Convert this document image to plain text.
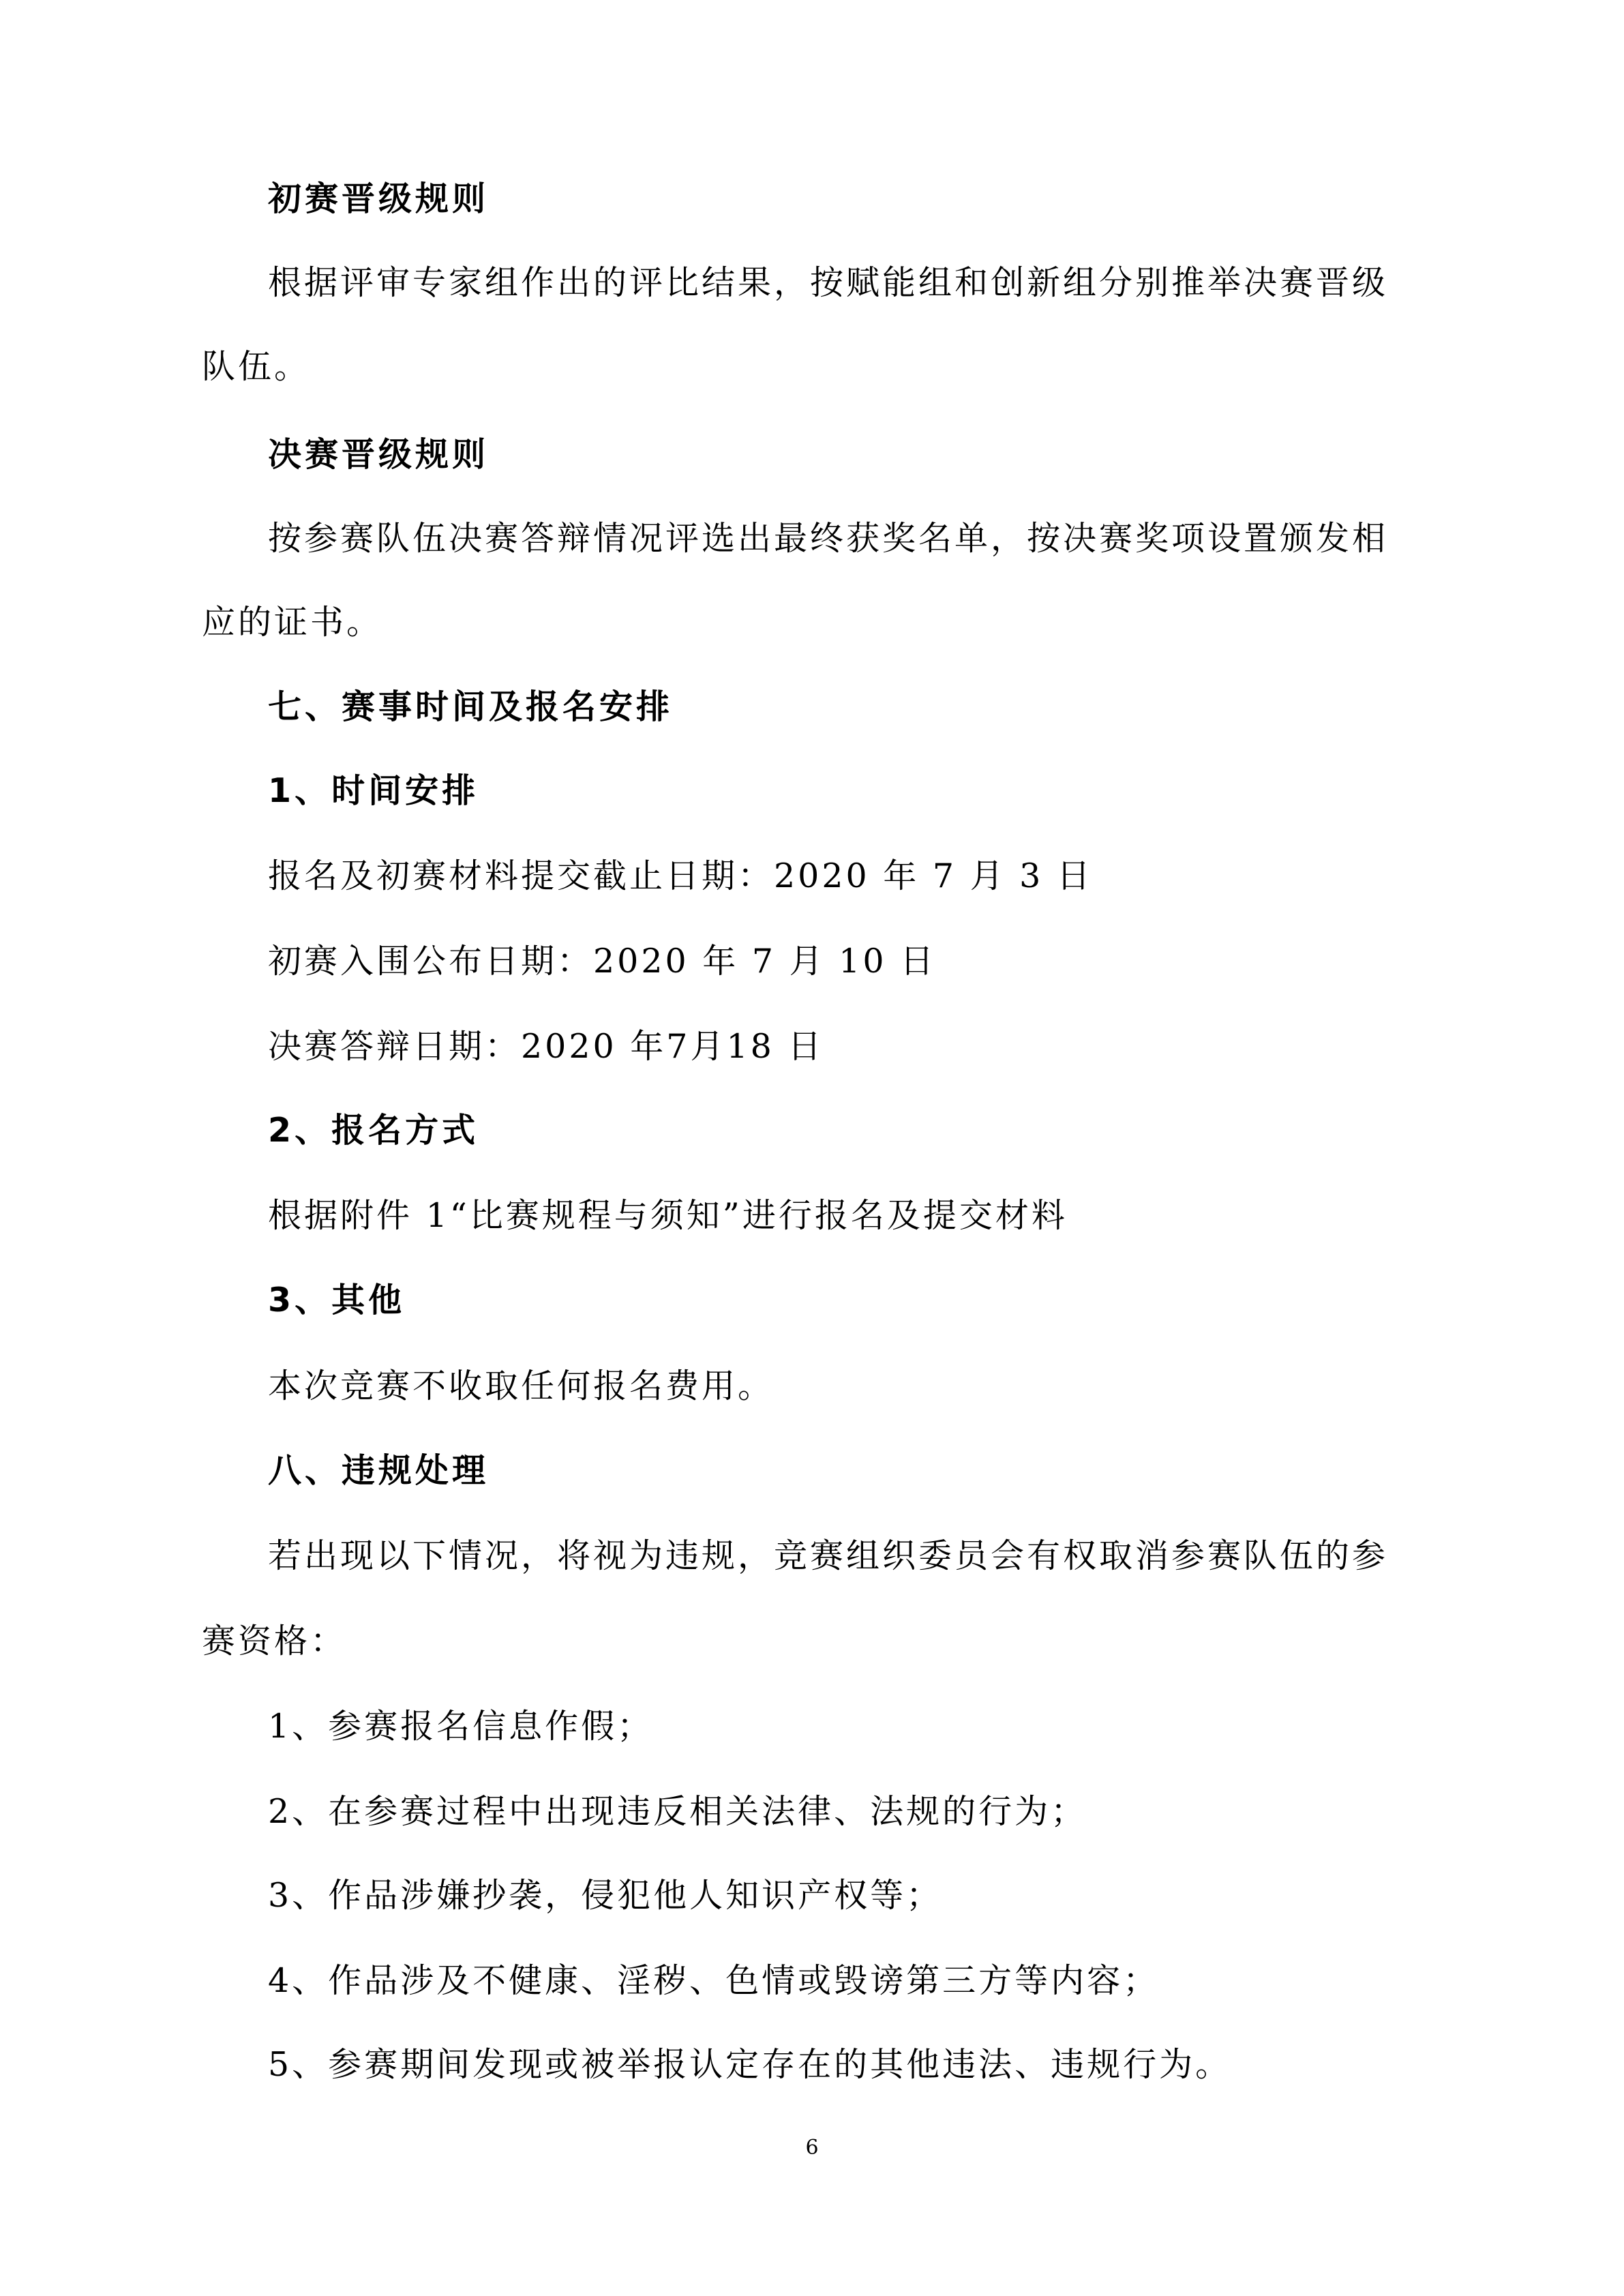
初赛晋级规则
根据评审专家组作出的评比结果，按赋能组和创新组分别推举决赛晋级
队伍。
决赛晋级规则
按参赛队伍决赛答辩情况评选出最终获奖名单，按决赛奖项设置颁发相
应的证书。
七、赛事时间及报名安排
1、时间安排
报名及初赛材料提交截止日期：2020 年 7 月 3 日
初赛入围公布日期：2020 年 7 月 10 日
决赛答辩日期：2020 年7月18 日
2、报名方式
根据附件 1“比赛规程与须知”进行报名及提交材料
3、其他
本次竞赛不收取任何报名费用。
八、违规处理
若出现以下情况，将视为违规，竞赛组织委员会有权取消参赛队伍的参
赛资格：
1、参赛报名信息作假；
2、在参赛过程中出现违反相关法律、法规的行为；
3、作品涉嫌抄袭，侵犯他人知识产权等；
4、作品涉及不健康、淫秽、色情或毁谤第三方等内容；
5、参赛期间发现或被举报认定存在的其他违法、违规行为。
6
